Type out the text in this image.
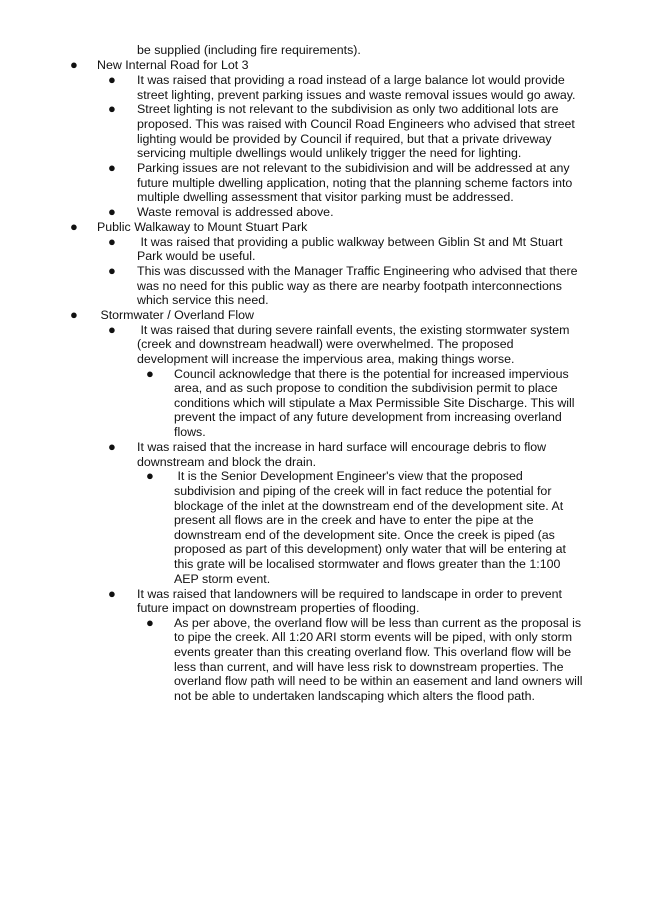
be supplied (including fire requirements).
● New Internal Road for Lot 3
● It was raised that providing a road instead of a large balance lot would provide
street lighting, prevent parking issues and waste removal issues would go away.
● Street lighting is not relevant to the subdivision as only two additional lots are
proposed. This was raised with Council Road Engineers who advised that street
lighting would be provided by Council if required, but that a private driveway
servicing multiple dwellings would unlikely trigger the need for lighting.
● Parking issues are not relevant to the subidivision and will be addressed at any
future multiple dwelling application, noting that the planning scheme factors into
multiple dwelling assessment that visitor parking must be addressed.
● Waste removal is addressed above.
● Public Walkaway to Mount Stuart Park
● It was raised that providing a public walkway between Giblin St and Mt Stuart
Park would be useful.
● This was discussed with the Manager Traffic Engineering who advised that there
was no need for this public way as there are nearby footpath interconnections
which service this need.
● Stormwater / Overland Flow
● It was raised that during severe rainfall events, the existing stormwater system
(creek and downstream headwall) were overwhelmed. The proposed
development will increase the impervious area, making things worse.
● Council acknowledge that there is the potential for increased impervious
area, and as such propose to condition the subdivision permit to place
conditions which will stipulate a Max Permissible Site Discharge. This will
prevent the impact of any future development from increasing overland
flows.
● It was raised that the increase in hard surface will encourage debris to flow
downstream and block the drain.
● It is the Senior Development Engineer's view that the proposed
subdivision and piping of the creek will in fact reduce the potential for
blockage of the inlet at the downstream end of the development site. At
present all flows are in the creek and have to enter the pipe at the
downstream end of the development site. Once the creek is piped (as
proposed as part of this development) only water that will be entering at
this grate will be localised stormwater and flows greater than the 1:100
AEP storm event.
● It was raised that landowners will be required to landscape in order to prevent
future impact on downstream properties of flooding.
● As per above, the overland flow will be less than current as the proposal is
to pipe the creek. All 1:20 ARI storm events will be piped, with only storm
events greater than this creating overland flow. This overland flow will be
less than current, and will have less risk to downstream properties. The
overland flow path will need to be within an easement and land owners will
not be able to undertaken landscaping which alters the flood path.
